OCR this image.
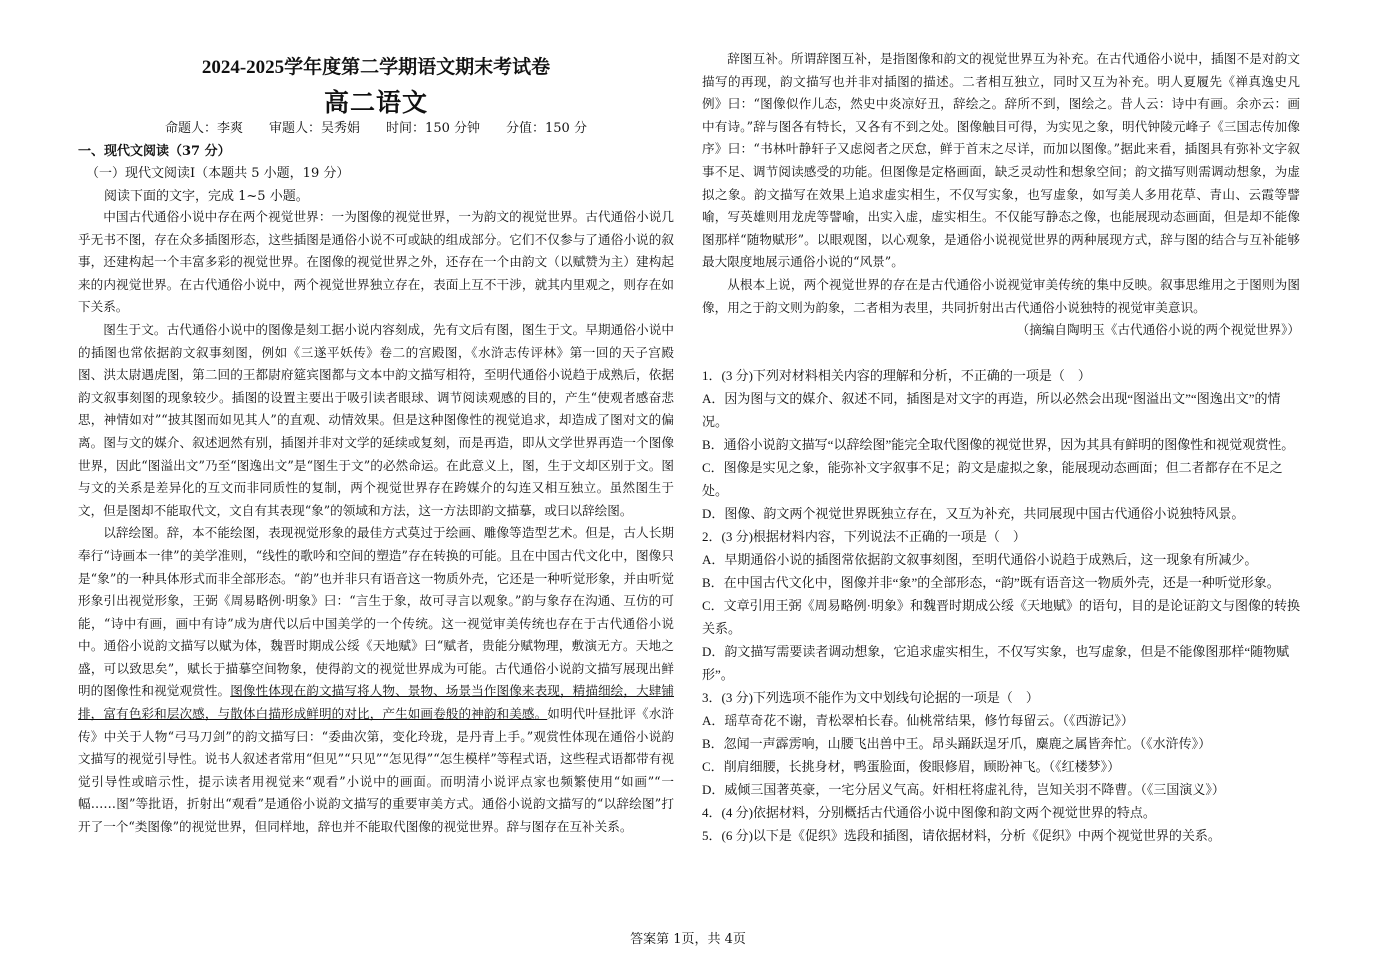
2024-2025学年度第二学期语文期末考试卷
高二语文
命题人：李爽　　审题人：吴秀娟　　时间：150 分钟　　分值：150 分
一、现代文阅读（37 分）
（一）现代文阅读Ⅰ（本题共 5 小题，19 分）
阅读下面的文字，完成 1~5 小题。

中国古代通俗小说中存在两个视觉世界：一为图像的视觉世界，一为韵文的视觉世界。古代通俗小说几乎无书不图，存在众多插图形态，这些插图是通俗小说不可或缺的组成部分。它们不仅参与了通俗小说的叙事，还建构起一个丰富多彩的视觉世界。在图像的视觉世界之外，还存在一个由韵文（以赋赞为主）建构起来的内视觉世界。在古代通俗小说中，两个视觉世界独立存在，表面上互不干涉，就其内里观之，则存在如下关系。

图生于文。古代通俗小说中的图像是刻工据小说内容刻成，先有文后有图，图生于文。早期通俗小说中的插图也常依据韵文叙事刻图，例如《三遂平妖传》卷二的宫殿图，《水浒志传评林》第一回的天子宫殿图、洪太尉遇虎图，第二回的王都尉府筵宾图都与文本中韵文描写相符，至明代通俗小说趋于成熟后，依据韵文叙事刻图的现象较少。插图的设置主要出于吸引读者眼球、调节阅读观感的目的，产生“使观者感奋悲思，神情如对”“披其图而如见其人”的直观、动情效果。但是这种图像性的视觉追求，却造成了图对文的偏离。图与文的媒介、叙述迥然有别，插图并非对文学的延续或复刻，而是再造，即从文学世界再造一个图像世界，因此“图溢出文”乃至“图逸出文”是“图生于文”的必然命运。在此意义上，图，生于文却区别于文。图与文的关系是差异化的互文而非同质性的复制，两个视觉世界存在跨媒介的勾连又相互独立。虽然图生于文，但是图却不能取代文，文自有其表现“象”的领域和方法，这一方法即韵文描摹，或曰以辞绘图。

以辞绘图。辞，本不能绘图，表现视觉形象的最佳方式莫过于绘画、雕像等造型艺术。但是，古人长期奉行“诗画本一律”的美学准则，“线性的歌吟和空间的塑造”存在转换的可能。且在中国古代文化中，图像只是“象”的一种具体形式而非全部形态。“韵”也并非只有语音这一物质外壳，它还是一种听觉形象，并由听觉形象引出视觉形象，王弼《周易略例·明象》曰：“言生于象，故可寻言以观象。”韵与象存在沟通、互仿的可能，“诗中有画，画中有诗”成为唐代以后中国美学的一个传统。这一视觉审美传统也存在于古代通俗小说中。通俗小说韵文描写以赋为体，魏晋时期成公绥《天地赋》曰“赋者，贵能分赋物理，敷演无方。天地之盛，可以致思矣”，赋长于描摹空间物象，使得韵文的视觉世界成为可能。古代通俗小说韵文描写展现出鲜明的图像性和视觉观赏性。图像性体现在韵文描写将人物、景物、场景当作图像来表现，精描细绘，大肆铺排，富有色彩和层次感，与散体白描形成鲜明的对比，产生如画卷般的神韵和美感。如明代叶昼批评《水浒传》中关于人物“弓马刀剑”的韵文描写曰：“委曲次第，变化玲珑，是丹青上手。”观赏性体现在通俗小说韵文描写的视觉引导性。说书人叙述者常用“但见”“只见”“怎见得”“怎生模样”等程式语，这些程式语都带有视觉引导性或暗示性，提示读者用视觉来“观看”小说中的画面。而明清小说评点家也频繁使用“如画”“一幅……图”等批语，折射出“观看”是通俗小说韵文描写的重要审美方式。通俗小说韵文描写的“以辞绘图”打开了一个“类图像”的视觉世界，但同样地，辞也并不能取代图像的视觉世界。辞与图存在互补关系。

辞图互补。所谓辞图互补，是指图像和韵文的视觉世界互为补充。在古代通俗小说中，插图不是对韵文描写的再现，韵文描写也并非对插图的描述。二者相互独立，同时又互为补充。明人夏履先《禅真逸史凡例》曰：“图像似作儿态，然史中炎凉好丑，辞绘之。辞所不到，图绘之。昔人云：诗中有画。余亦云：画中有诗。”辞与图各有特长，又各有不到之处。图像触目可得，为实见之象，明代钟陵元峰子《三国志传加像序》曰：“书林叶静轩子又虑阅者之厌怠，鲜于首末之尽详，而加以图像。”据此来看，插图具有弥补文字叙事不足、调节阅读感受的功能。但图像是定格画面，缺乏灵动性和想象空间；韵文描写则需调动想象，为虚拟之象。韵文描写在效果上追求虚实相生，不仅写实象，也写虚象，如写美人多用花草、青山、云霞等譬喻，写英雄则用龙虎等譬喻，出实入虚，虚实相生。不仅能写静态之像，也能展现动态画面，但是却不能像图那样“随物赋形”。以眼观图，以心观象，是通俗小说视觉世界的两种展现方式，辞与图的结合与互补能够最大限度地展示通俗小说的“风景”。

从根本上说，两个视觉世界的存在是古代通俗小说视觉审美传统的集中反映。叙事思维用之于图则为图像，用之于韵文则为韵象，二者相为表里，共同折射出古代通俗小说独特的视觉审美意识。

（摘编自陶明玉《古代通俗小说的两个视觉世界》）

1．(3 分)下列对材料相关内容的理解和分析，不正确的一项是（　）

A．因为图与文的媒介、叙述不同，插图是对文字的再造，所以必然会出现“图溢出文”“图逸出文”的情况。

B．通俗小说韵文描写“以辞绘图”能完全取代图像的视觉世界，因为其具有鲜明的图像性和视觉观赏性。

C．图像是实见之象，能弥补文字叙事不足；韵文是虚拟之象，能展现动态画面；但二者都存在不足之处。

D．图像、韵文两个视觉世界既独立存在，又互为补充，共同展现中国古代通俗小说独特风景。

2．(3 分)根据材料内容，下列说法不正确的一项是（　）

A．早期通俗小说的插图常依据韵文叙事刻图，至明代通俗小说趋于成熟后，这一现象有所减少。

B．在中国古代文化中，图像并非“象”的全部形态，“韵”既有语音这一物质外壳，还是一种听觉形象。

C．文章引用王弼《周易略例·明象》和魏晋时期成公绥《天地赋》的语句，目的是论证韵文与图像的转换关系。

D．韵文描写需要读者调动想象，它追求虚实相生，不仅写实象，也写虚象，但是不能像图那样“随物赋形”。

3．(3 分)下列选项不能作为文中划线句论据的一项是（　）

A．瑶草奇花不谢，青松翠柏长春。仙桃常结果，修竹每留云。（《西游记》）

B．忽闻一声霹雳响，山腰飞出兽中王。昂头踊跃逞牙爪，麋鹿之属皆奔忙。（《水浒传》）

C．削肩细腰，长挑身材，鸭蛋脸面，俊眼修眉，顾盼神飞。（《红楼梦》）

D．威倾三国著英豪，一宅分居义气高。奸相枉将虚礼待，岂知关羽不降曹。（《三国演义》）

4．(4 分)依据材料，分别概括古代通俗小说中图像和韵文两个视觉世界的特点。

5．(6 分)以下是《促织》选段和插图，请依据材料，分析《促织》中两个视觉世界的关系。

答案第 1页，共 4页
